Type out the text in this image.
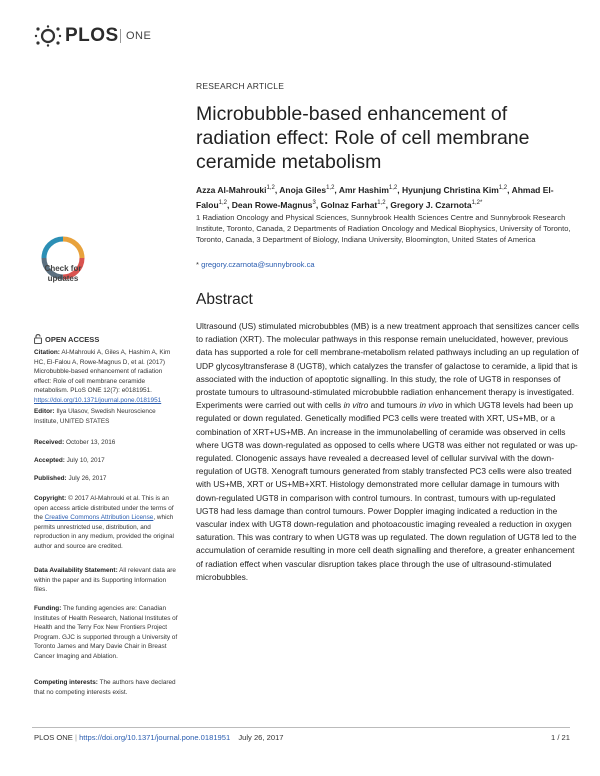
PLOS ONE
RESEARCH ARTICLE
Microbubble-based enhancement of radiation effect: Role of cell membrane ceramide metabolism
Azza Al-Mahrouki$^{1,2}$, Anoja Giles$^{1,2}$, Amr Hashim$^{1,2}$, Hyunjung Christina Kim$^{1,2}$, Ahmad El-Falou$^{1,2}$, Dean Rowe-Magnus$^3$, Golnaz Farhat$^{1,2}$, Gregory J. Czarnota$^{1,2*}$
1 Radiation Oncology and Physical Sciences, Sunnybrook Health Sciences Centre and Sunnybrook Research Institute, Toronto, Canada, 2 Departments of Radiation Oncology and Medical Biophysics, University of Toronto, Toronto, Canada, 3 Department of Biology, Indiana University, Bloomington, United States of America
* gregory.czarnota@sunnybrook.ca
Abstract
Ultrasound (US) stimulated microbubbles (MB) is a new treatment approach that sensitizes cancer cells to radiation (XRT). The molecular pathways in this response remain unelucidated, however, previous data has supported a role for cell membrane-metabolism related pathways including an up regulation of UDP glycosyltransferase 8 (UGT8), which catalyzes the transfer of galactose to ceramide, a lipid that is associated with the induction of apoptotic signalling. In this study, the role of UGT8 in responses of prostate tumours to ultrasound-stimulated microbubble radiation enhancement therapy is investigated. Experiments were carried out with cells in vitro and tumours in vivo in which UGT8 levels had been up regulated or down regulated. Genetically modified PC3 cells were treated with XRT, US+MB, or a combination of XRT+US+MB. An increase in the immunolabelling of ceramide was observed in cells where UGT8 was down-regulated as opposed to cells where UGT8 was either not regulated or was up-regulated. Clonogenic assays have revealed a decreased level of cellular survival with the down-regulation of UGT8. Xenograft tumours generated from stably transfected PC3 cells were also treated with US+MB, XRT or US+MB+XRT. Histology demonstrated more cellular damage in tumours with down-regulated UGT8 in comparison with control tumours. In contrast, tumours with up-regulated UGT8 had less damage than control tumours. Power Doppler imaging indicated a reduction in the vascular index with UGT8 down-regulation and photoacoustic imaging revealed a reduction in oxygen saturation. This was contrary to when UGT8 was up regulated. The down regulation of UGT8 led to the accumulation of ceramide resulting in more cell death signalling and therefore, a greater enhancement of radiation effect when vascular disruption takes place through the use of ultrasound-stimulated microbubbles.
Check for
updates
OPEN ACCESS
Citation: Al-Mahrouki A, Giles A, Hashim A, Kim HC, El-Falou A, Rowe-Magnus D, et al. (2017) Microbubble-based enhancement of radiation effect: Role of cell membrane ceramide metabolism. PLoS ONE 12(7): e0181951. https://doi.org/10.1371/journal.pone.0181951
Editor: Ilya Ulasov, Swedish Neuroscience Institute, UNITED STATES
Received: October 13, 2016
Accepted: July 10, 2017
Published: July 26, 2017
Copyright: © 2017 Al-Mahrouki et al. This is an open access article distributed under the terms of the Creative Commons Attribution License, which permits unrestricted use, distribution, and reproduction in any medium, provided the original author and source are credited.
Data Availability Statement: All relevant data are within the paper and its Supporting Information files.
Funding: The funding agencies are: Canadian Institutes of Health Research, National Institutes of Health and the Terry Fox New Frontiers Project Program. GJC is supported through a University of Toronto James and Mary Davie Chair in Breast Cancer Imaging and Ablation.
Competing interests: The authors have declared that no competing interests exist.
PLOS ONE | https://doi.org/10.1371/journal.pone.0181951 July 26, 2017	1 / 21
